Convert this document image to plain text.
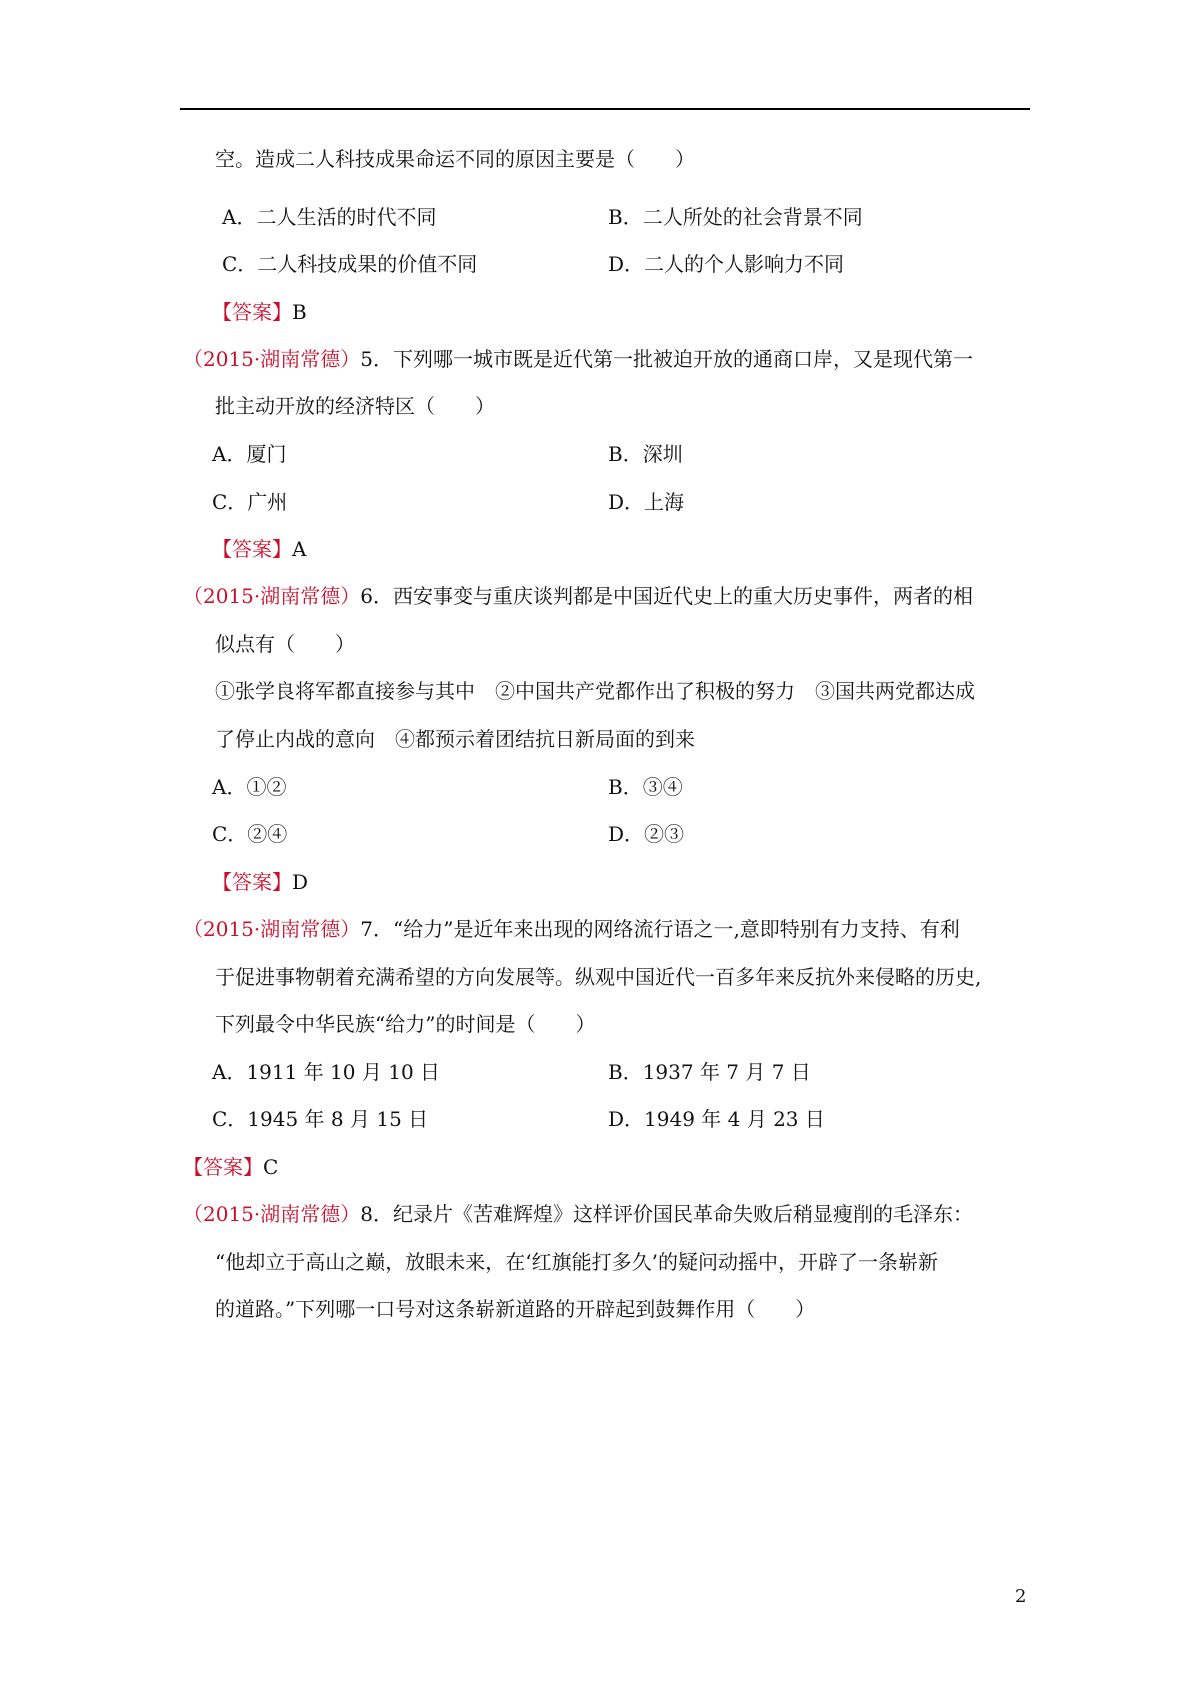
空。造成二人科技成果命运不同的原因主要是（　　）
A．二人生活的时代不同	B．二人所处的社会背景不同
C．二人科技成果的价值不同	D．二人的个人影响力不同
【答案】B
（2015·湖南常德）5．下列哪一城市既是近代第一批被迫开放的通商口岸，又是现代第一
批主动开放的经济特区（　　）
A．厦门	B．深圳
C．广州	D．上海
【答案】A
（2015·湖南常德）6．西安事变与重庆谈判都是中国近代史上的重大历史事件，两者的相
似点有（　　）
①张学良将军都直接参与其中　②中国共产党都作出了积极的努力　③国共两党都达成
了停止内战的意向　④都预示着团结抗日新局面的到来
A．①②	B．③④
C．②④	D．②③
【答案】D
（2015·湖南常德）7．“给力”是近年来出现的网络流行语之一,意即特别有力支持、有利
于促进事物朝着充满希望的方向发展等。纵观中国近代一百多年来反抗外来侵略的历史,
下列最令中华民族“给力”的时间是（　　）
A．1911 年 10 月 10 日	B．1937 年 7 月 7 日
C．1945 年 8 月 15 日	D．1949 年 4 月 23 日
【答案】C
（2015·湖南常德）8．纪录片《苦难辉煌》这样评价国民革命失败后稍显瘦削的毛泽东：
“他却立于高山之巅，放眼未来，在‘红旗能打多久’的疑问动摇中，开辟了一条崭新
的道路。”下列哪一口号对这条崭新道路的开辟起到鼓舞作用（　　）
2
